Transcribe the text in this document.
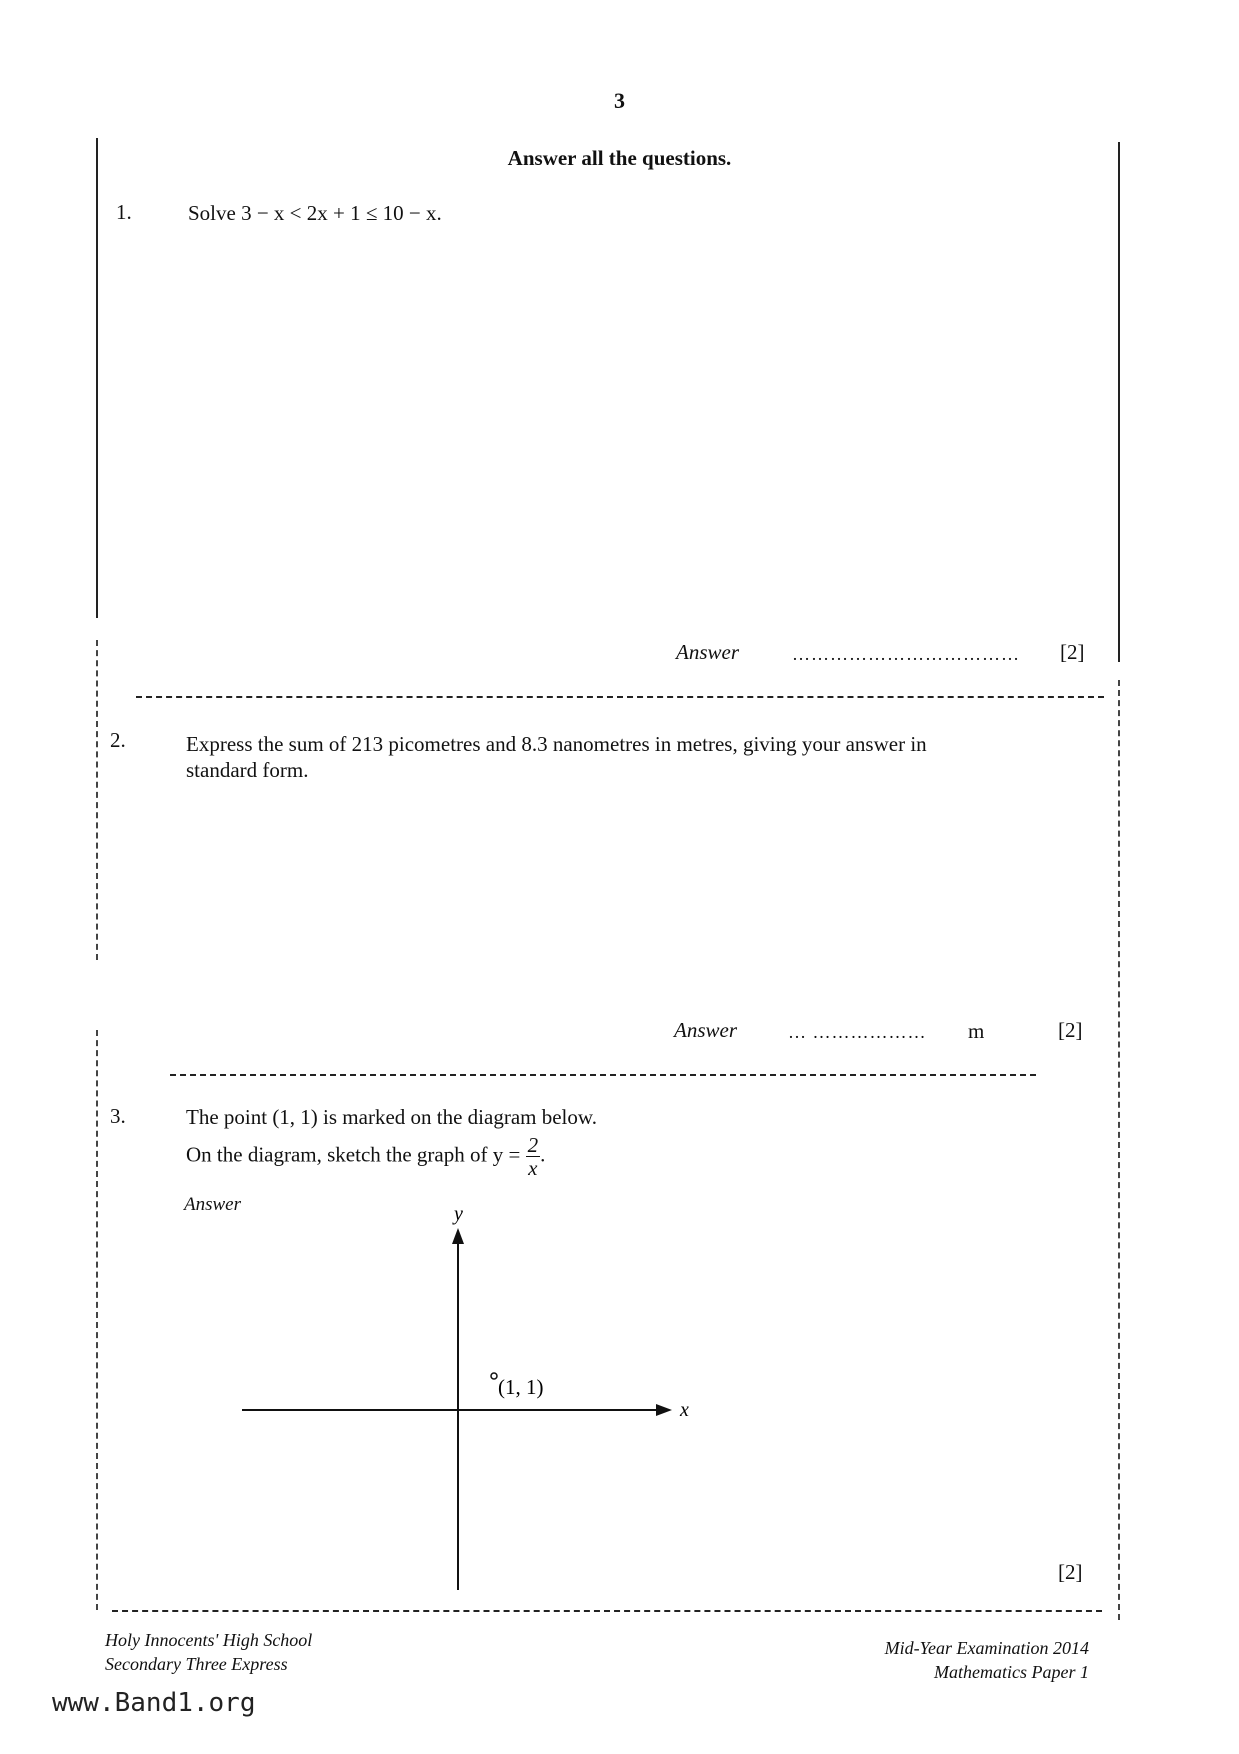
3
Answer all the questions.
1.	Solve 3 − x < 2x + 1 ≤ 10 − x.
Answer	……………………………… [2]
2.	Express the sum of 213 picometres and 8.3 nanometres in metres, giving your answer in
standard form.
Answer	… ……………… m	[2]
3.	The point (1, 1) is marked on the diagram below.
On the diagram, sketch the graph of $y = \frac{2}{x}$ .
Answer	y
x
(1, 1)
[2]
Holy Innocents' High School
Secondary Three Express
Mid-Year Examination 2014
Mathematics Paper 1
www.Band1.org
